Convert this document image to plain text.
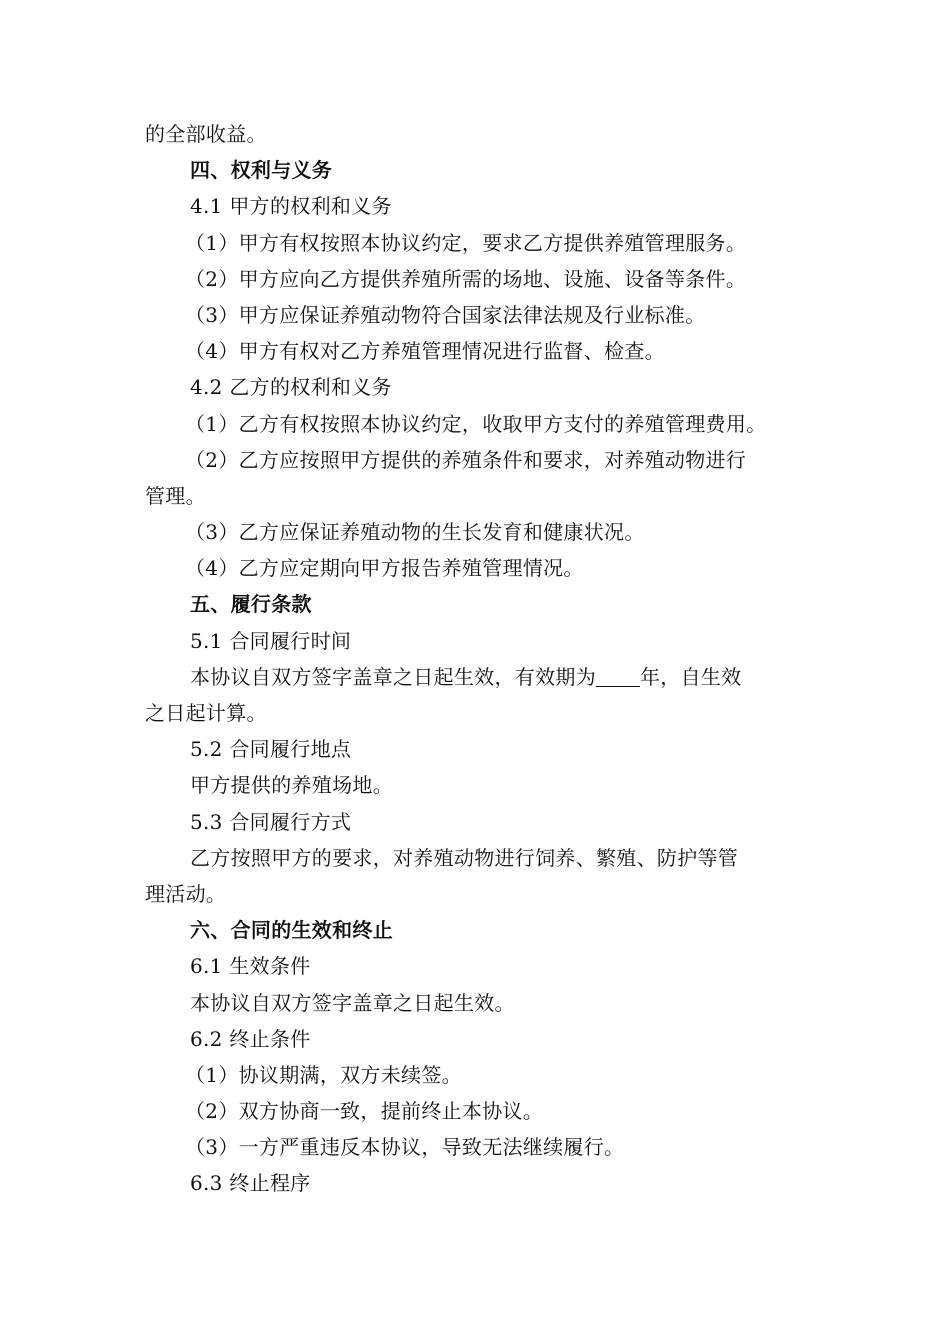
的全部收益。
四、权利与义务
4.1 甲方的权利和义务
（1）甲方有权按照本协议约定，要求乙方提供养殖管理服务。
（2）甲方应向乙方提供养殖所需的场地、设施、设备等条件。
（3）甲方应保证养殖动物符合国家法律法规及行业标准。
（4）甲方有权对乙方养殖管理情况进行监督、检查。
4.2 乙方的权利和义务
（1）乙方有权按照本协议约定，收取甲方支付的养殖管理费用。
（2）乙方应按照甲方提供的养殖条件和要求，对养殖动物进行
管理。
（3）乙方应保证养殖动物的生长发育和健康状况。
（4）乙方应定期向甲方报告养殖管理情况。
五、履行条款
5.1 合同履行时间
本协议自双方签字盖章之日起生效，有效期为 年，自生效
之日起计算。
5.2 合同履行地点
甲方提供的养殖场地。
5.3 合同履行方式
乙方按照甲方的要求，对养殖动物进行饲养、繁殖、防护等管
理活动。
六、合同的生效和终止
6.1 生效条件
本协议自双方签字盖章之日起生效。
6.2 终止条件
（1）协议期满，双方未续签。
（2）双方协商一致，提前终止本协议。
（3）一方严重违反本协议，导致无法继续履行。
6.3 终止程序
